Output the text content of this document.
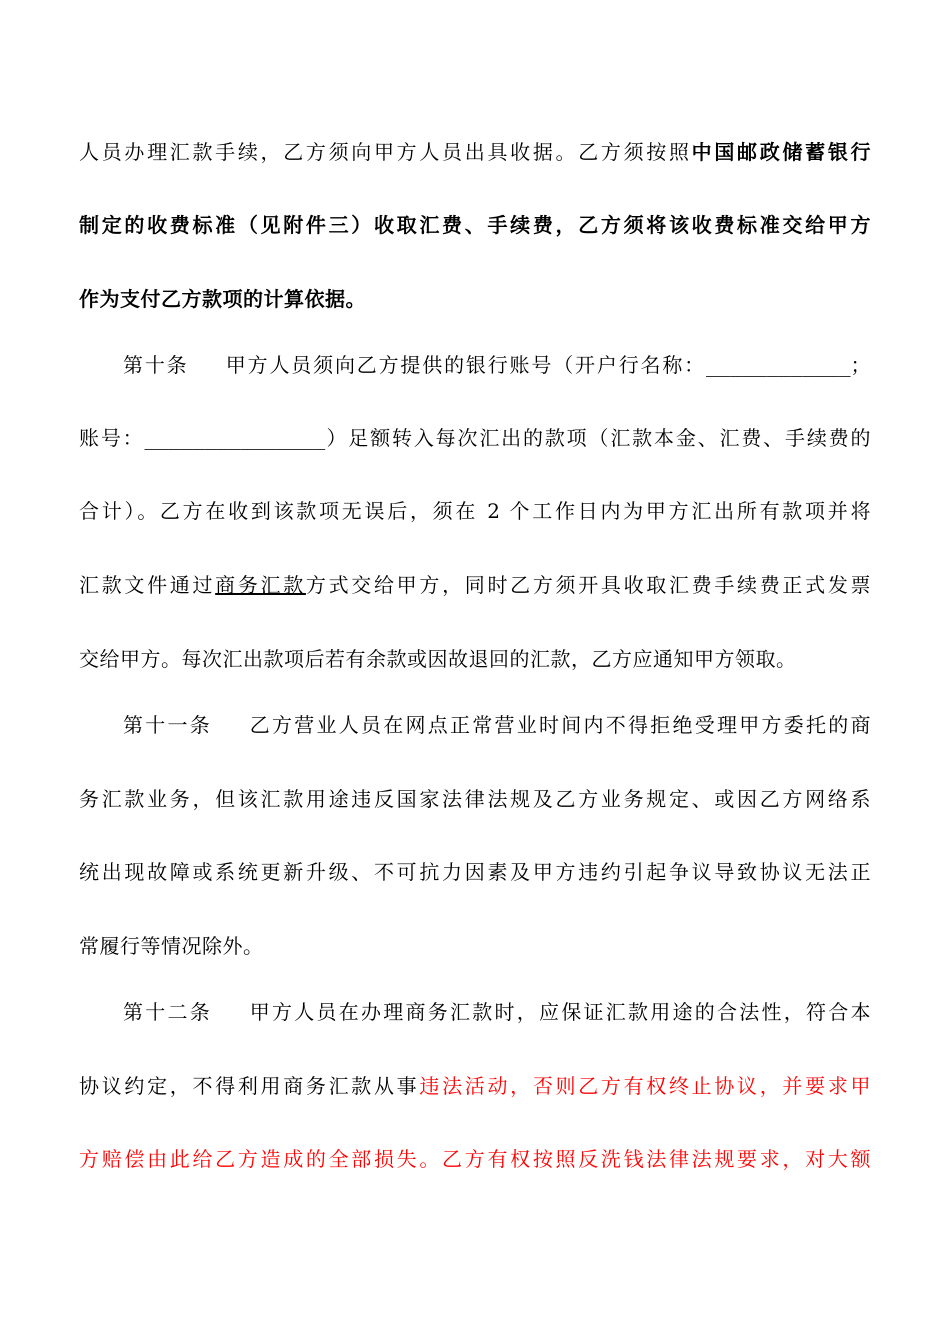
人员办理汇款手续，乙方须向甲方人员出具收据。乙方须按照中国邮政储蓄银行
制定的收费标准（见附件三）收取汇费、手续费，乙方须将该收费标准交给甲方
作为支付乙方款项的计算依据。
第十条 甲方人员须向乙方提供的银行账号（开户行名称：____________；
账号：_______________）足额转入每次汇出的款项（汇款本金、汇费、手续费的
合计）。乙方在收到该款项无误后，须在 2 个工作日内为甲方汇出所有款项并将
汇款文件通过商务汇款方式交给甲方，同时乙方须开具收取汇费手续费正式发票
交给甲方。每次汇出款项后若有余款或因故退回的汇款，乙方应通知甲方领取。
第十一条 乙方营业人员在网点正常营业时间内不得拒绝受理甲方委托的商
务汇款业务，但该汇款用途违反国家法律法规及乙方业务规定、或因乙方网络系
统出现故障或系统更新升级、不可抗力因素及甲方违约引起争议导致协议无法正
常履行等情况除外。
第十二条 甲方人员在办理商务汇款时，应保证汇款用途的合法性，符合本
协议约定，不得利用商务汇款从事违法活动，否则乙方有权终止协议，并要求甲
方赔偿由此给乙方造成的全部损失。乙方有权按照反洗钱法律法规要求，对大额
